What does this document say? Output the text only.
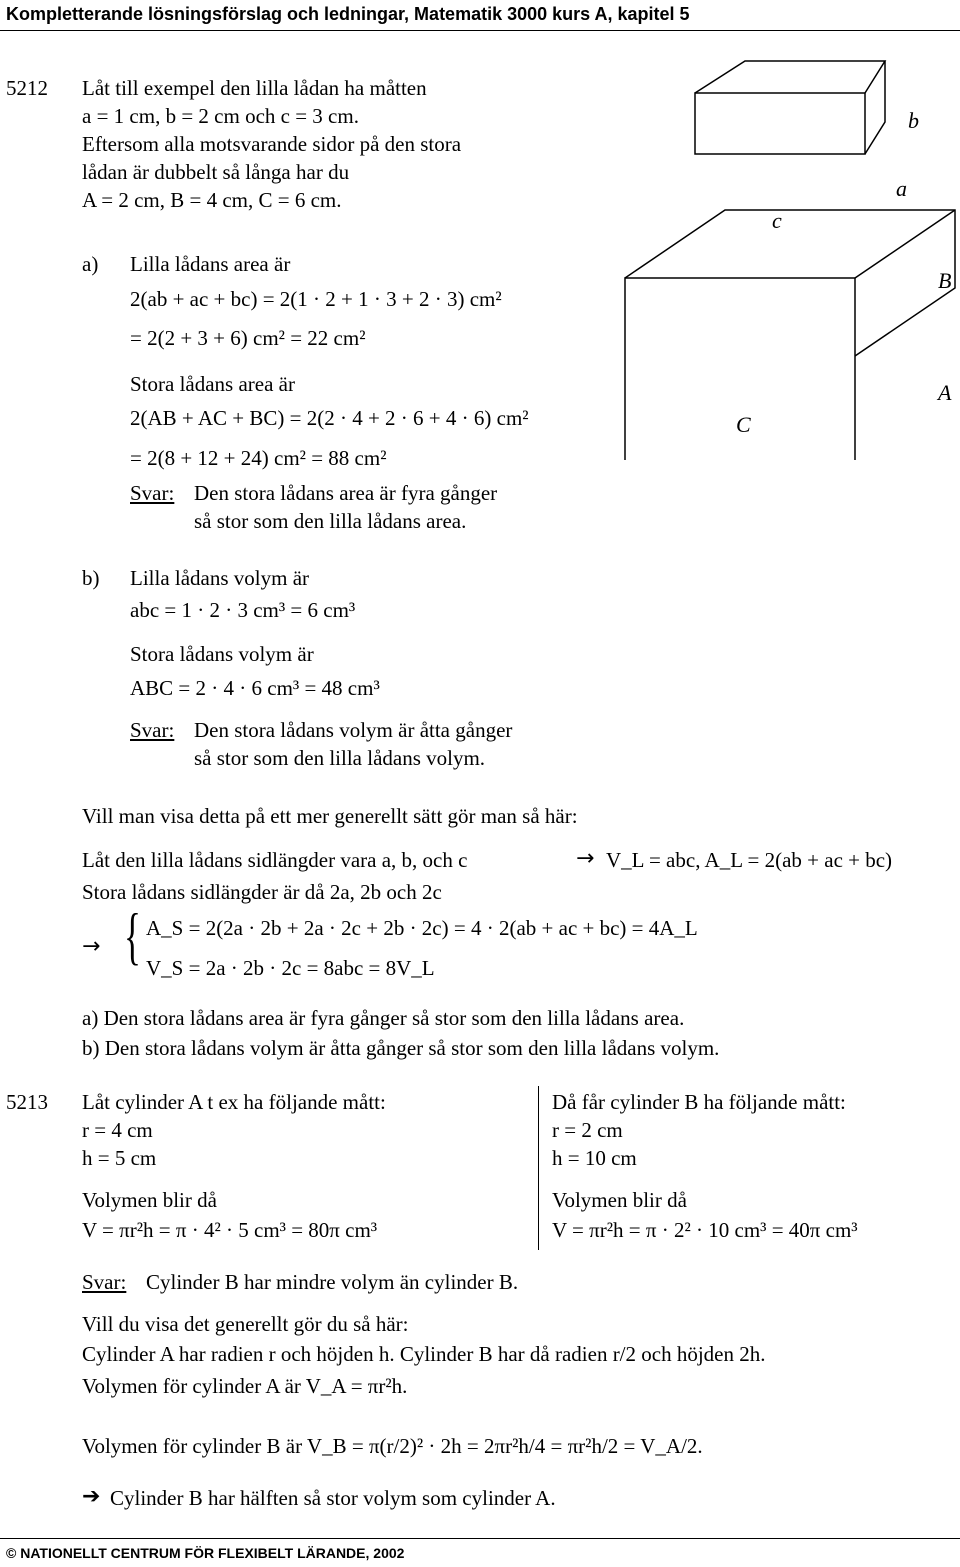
Kompletterande lösningsförslag och ledningar, Matematik 3000 kurs A, kapitel 5
5212 Låt till exempel den lilla lådan ha måtten
a = 1 cm, b = 2 cm och c = 3 cm.
Eftersom alla motsvarande sidor på den stora
lådan är dubbelt så långa har du
A = 2 cm, B = 4 cm, C = 6 cm.
a) Lilla lådans area är
2(ab + ac + bc) = 2(1 · 2 + 1 · 3 + 2 · 3) cm²
= 2(2 + 3 + 6) cm² = 22 cm²
Stora lådans area är
2(AB + AC + BC) = 2(2 · 4 + 2 · 6 + 4 · 6) cm²
= 2(8 + 12 + 24) cm² = 88 cm²
Svar: Den stora lådans area är fyra gånger
så stor som den lilla lådans area.
b) Lilla lådans volym är
abc = 1 · 2 · 3 cm³ = 6 cm³
Stora lådans volym är
ABC = 2 · 4 · 6 cm³ = 48 cm³
Svar: Den stora lådans volym är åtta gånger
så stor som den lilla lådans volym.
b
a
c
B
A
C
Vill man visa detta på ett mer generellt sätt gör man så här:
Låt den lilla lådans sidlängder vara a, b, och c	→ V_L = abc, A_L = 2(ab + ac + bc)
Stora lådans sidlängder är då 2a, 2b och 2c
→ { A_S = 2(2a · 2b + 2a · 2c + 2b · 2c) = 4 · 2(ab + ac + bc) = 4A_L
V_S = 2a · 2b · 2c = 8abc = 8V_L
a) Den stora lådans area är fyra gånger så stor som den lilla lådans area.
b) Den stora lådans volym är åtta gånger så stor som den lilla lådans volym.
5213 Låt cylinder A t ex ha följande mått:
r = 4 cm
h = 5 cm
Volymen blir då
V = πr²h = π · 4² · 5 cm³ = 80π cm³
Då får cylinder B ha följande mått:
r = 2 cm
h = 10 cm
Volymen blir då
V = πr²h = π · 2² · 10 cm³ = 40π cm³
Svar: Cylinder B har mindre volym än cylinder B.
Vill du visa det generellt gör du så här:
Cylinder A har radien r och höjden h. Cylinder B har då radien r/2 och höjden 2h.
Volymen för cylinder A är V_A = πr²h.
Volymen för cylinder B är V_B = π(r/2)² · 2h = 2πr²h/4 = πr²h/2 = V_A/2.
➔ Cylinder B har hälften så stor volym som cylinder A.
© NATIONELLT CENTRUM FÖR FLEXIBELT LÄRANDE, 2002
